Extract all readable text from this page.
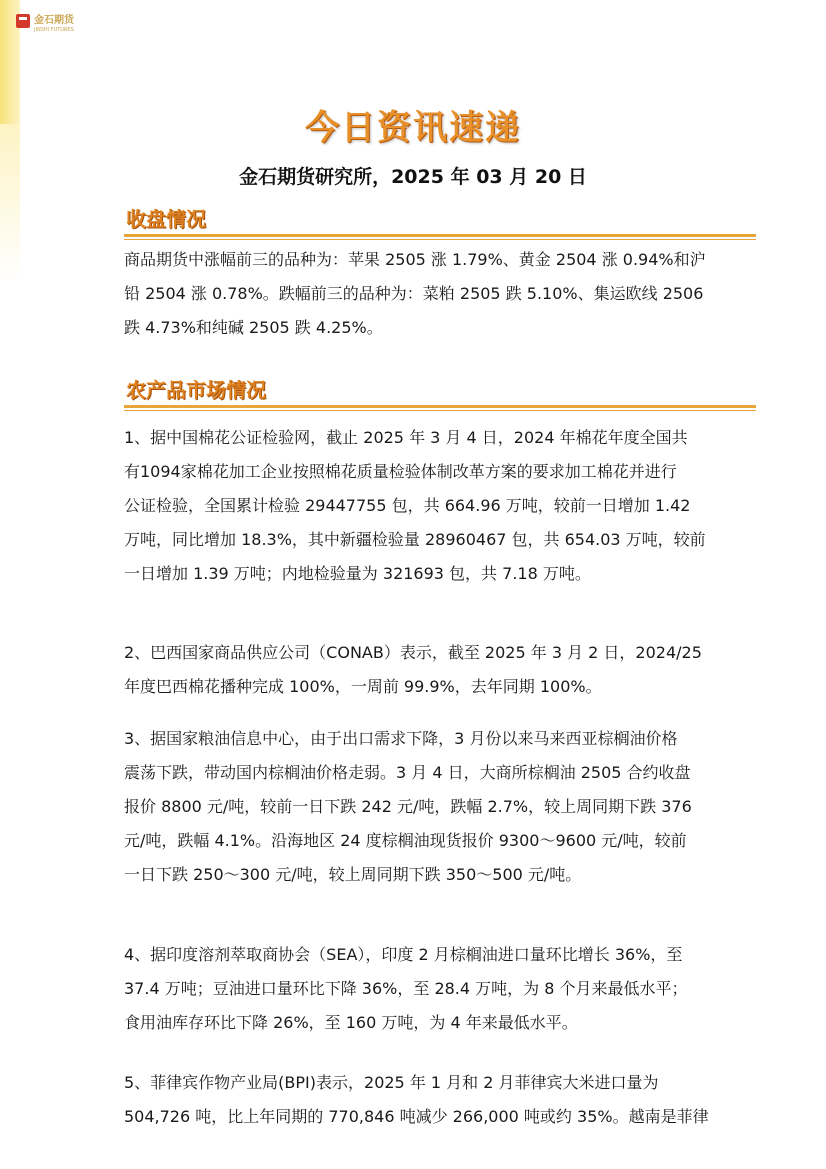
金石期货
JINSHI FUTURES
今日资讯速递
金石期货研究所，2025 年 03 月 20 日
收盘情况
商品期货中涨幅前三的品种为：苹果 2505 涨 1.79%、黄金 2504 涨 0.94%和沪
铅 2504 涨 0.78%。跌幅前三的品种为：菜粕 2505 跌 5.10%、集运欧线 2506
跌 4.73%和纯碱 2505 跌 4.25%。
农产品市场情况
1、据中国棉花公证检验网，截止 2025 年 3 月 4 日，2024 年棉花年度全国共
有1094家棉花加工企业按照棉花质量检验体制改革方案的要求加工棉花并进行
公证检验，全国累计检验 29447755 包，共 664.96 万吨，较前一日增加 1.42
万吨，同比增加 18.3%，其中新疆检验量 28960467 包，共 654.03 万吨，较前
一日增加 1.39 万吨；内地检验量为 321693 包，共 7.18 万吨。
2、巴西国家商品供应公司（CONAB）表示，截至 2025 年 3 月 2 日，2024/25
年度巴西棉花播种完成 100%，一周前 99.9%，去年同期 100%。
3、据国家粮油信息中心，由于出口需求下降，3 月份以来马来西亚棕榈油价格
震荡下跌，带动国内棕榈油价格走弱。3 月 4 日，大商所棕榈油 2505 合约收盘
报价 8800 元/吨，较前一日下跌 242 元/吨，跌幅 2.7%，较上周同期下跌 376
元/吨，跌幅 4.1%。沿海地区 24 度棕榈油现货报价 9300～9600 元/吨，较前
一日下跌 250～300 元/吨，较上周同期下跌 350～500 元/吨。
4、据印度溶剂萃取商协会（SEA），印度 2 月棕榈油进口量环比增长 36%，至
37.4 万吨；豆油进口量环比下降 36%，至 28.4 万吨，为 8 个月来最低水平；
食用油库存环比下降 26%，至 160 万吨，为 4 年来最低水平。
5、菲律宾作物产业局(BPI)表示，2025 年 1 月和 2 月菲律宾大米进口量为
504,726 吨，比上年同期的 770,846 吨减少 266,000 吨或约 35%。越南是菲律
